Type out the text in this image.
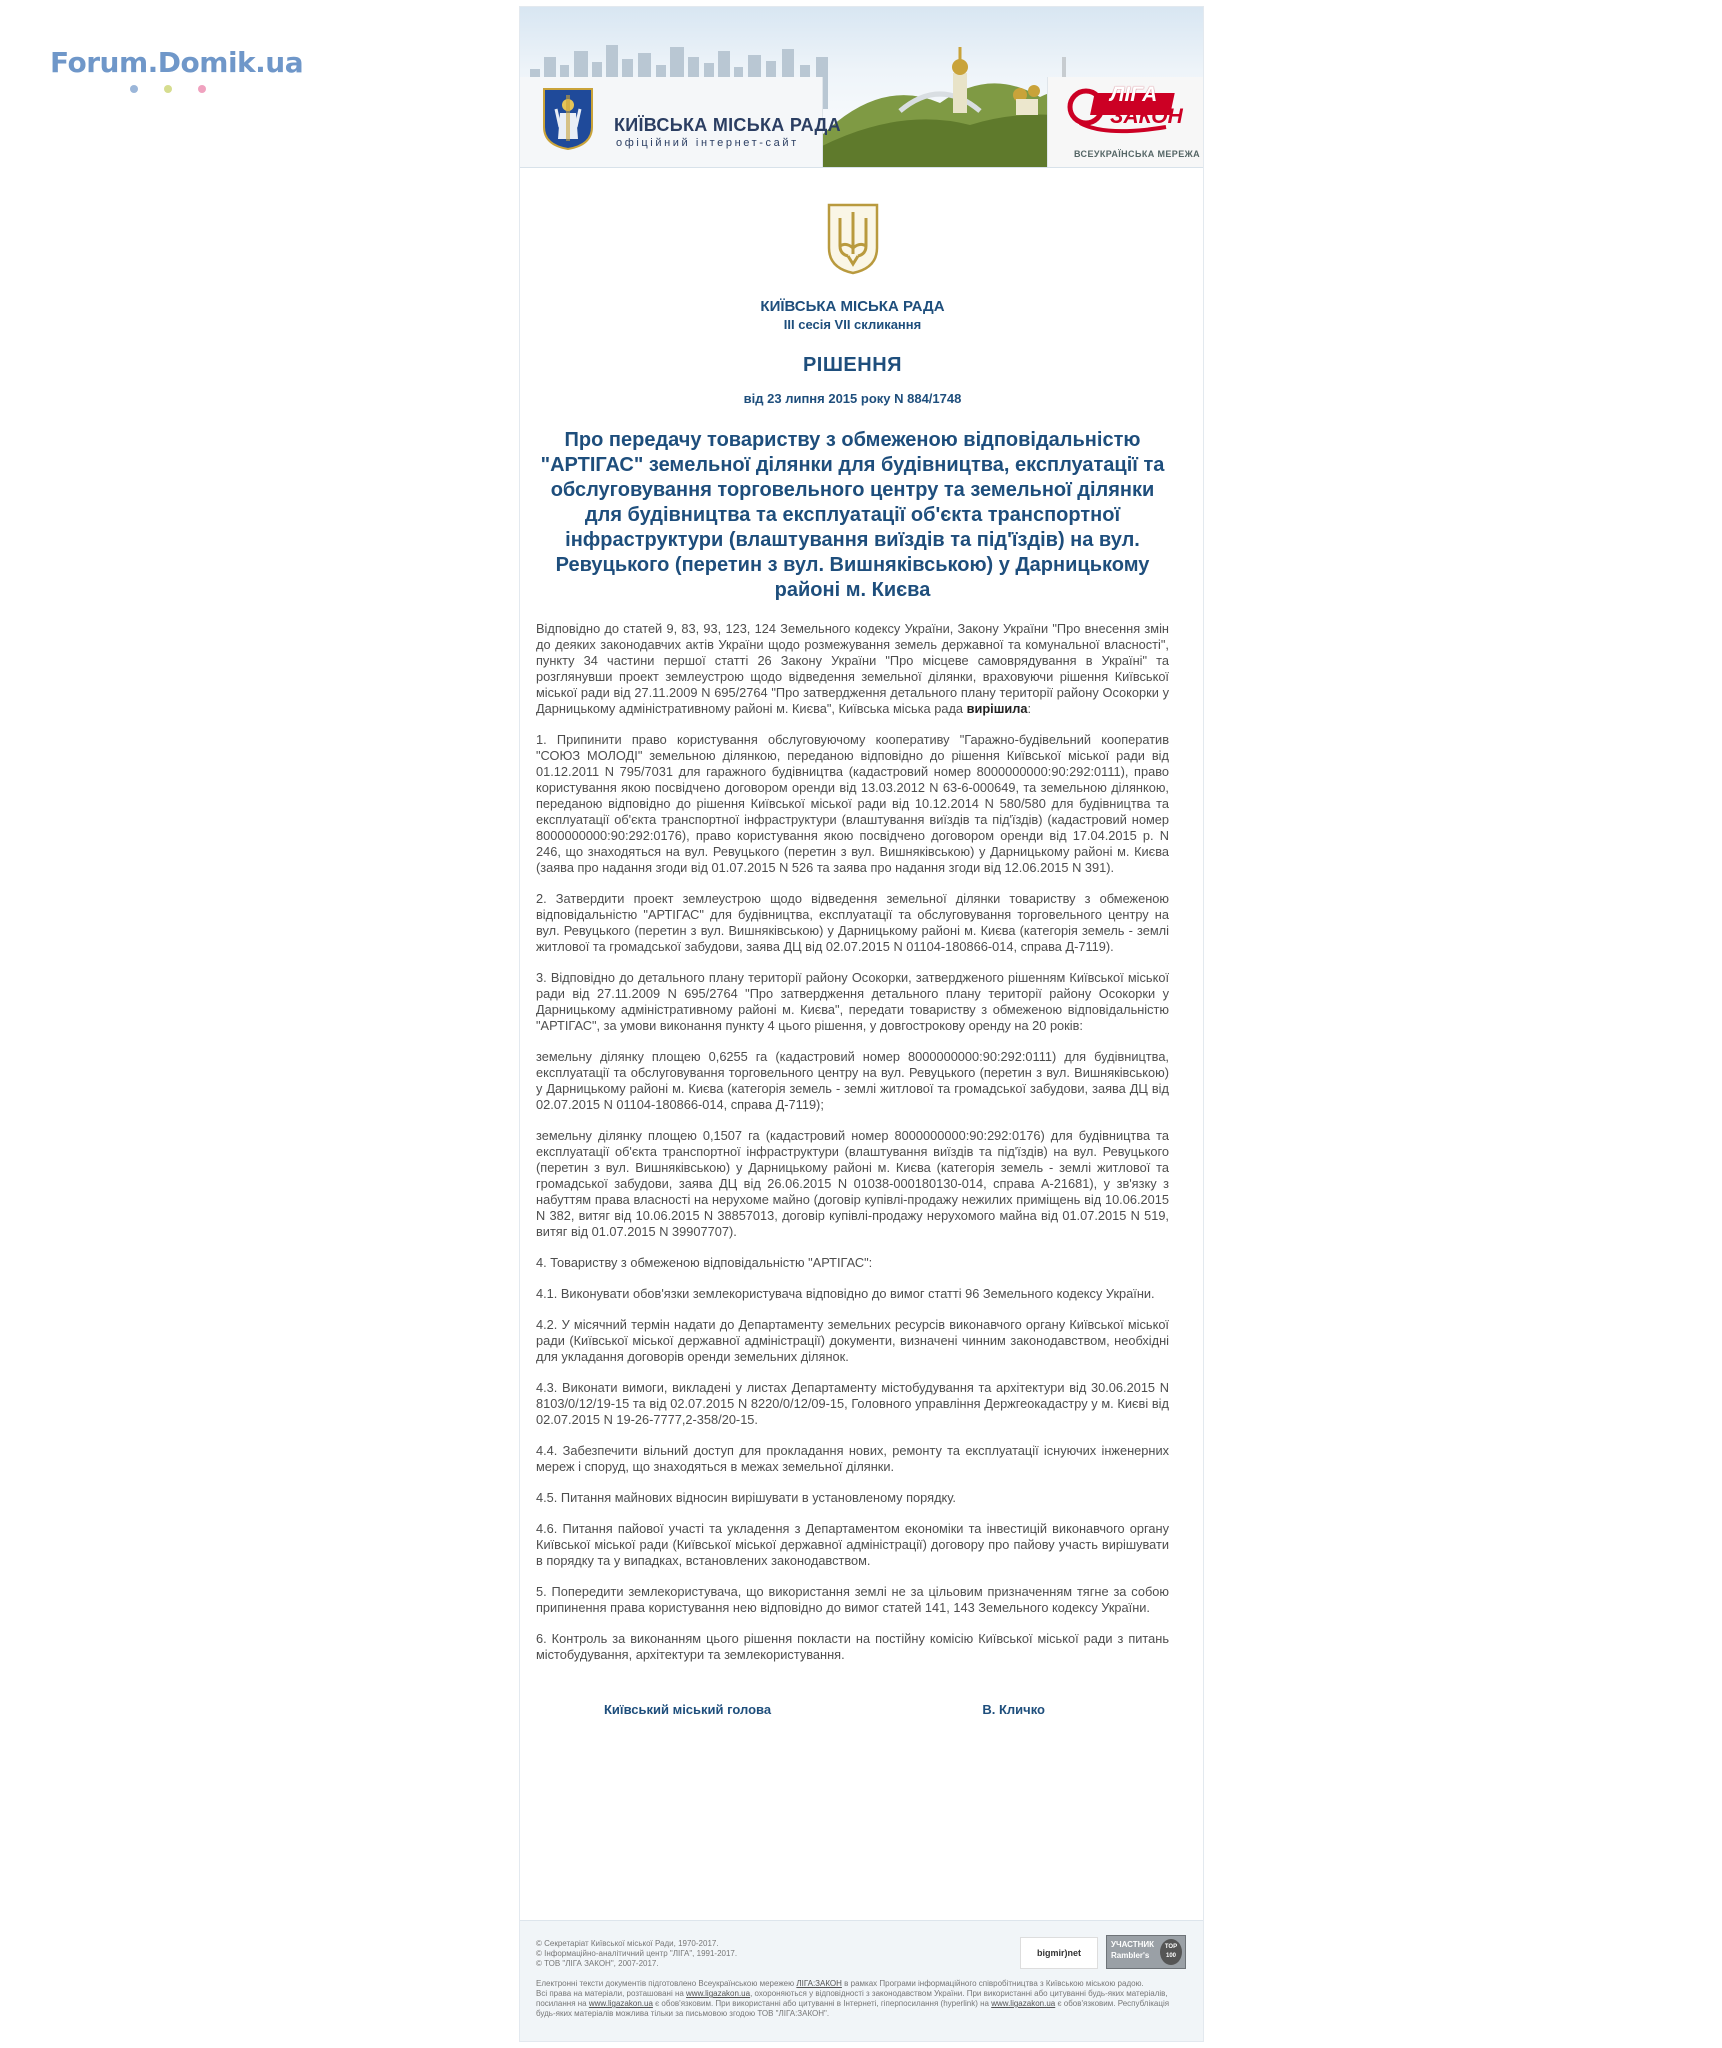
Forum.Domik.ua
КИЇВСЬКА МІСЬКА РАДА
офіційний інтернет-сайт
ЛІГА
ЗАКОН
ВСЕУКРАЇНСЬКА МЕРЕЖА
КИЇВСЬКА МІСЬКА РАДА
ІІІ сесія VII скликання
РІШЕННЯ
від 23 липня 2015 року N 884/1748
Про передачу товариству з обмеженою відповідальністю "АРТІГАС" земельної ділянки для будівництва, експлуатації та обслуговування торговельного центру та земельної ділянки для будівництва та експлуатації об'єкта транспортної інфраструктури (влаштування виїздів та під'їздів) на вул. Ревуцького (перетин з вул. Вишняківською) у Дарницькому районі м. Києва

Відповідно до статей 9, 83, 93, 123, 124 Земельного кодексу України, Закону України "Про внесення змін до деяких законодавчих актів України щодо розмежування земель державної та комунальної власності", пункту 34 частини першої статті 26 Закону України "Про місцеве самоврядування в Україні" та розглянувши проект землеустрою щодо відведення земельної ділянки, враховуючи рішення Київської міської ради від 27.11.2009 N 695/2764 "Про затвердження детального плану території району Осокорки у Дарницькому адміністративному районі м. Києва", Київська міська рада вирішила:

1. Припинити право користування обслуговуючому кооперативу "Гаражно-будівельний кооператив "СОЮЗ МОЛОДІ" земельною ділянкою, переданою відповідно до рішення Київської міської ради від 01.12.2011 N 795/7031 для гаражного будівництва (кадастровий номер 8000000000:90:292:0111), право користування якою посвідчено договором оренди від 13.03.2012 N 63-6-000649, та земельною ділянкою, переданою відповідно до рішення Київської міської ради від 10.12.2014 N 580/580 для будівництва та експлуатації об'єкта транспортної інфраструктури (влаштування виїздів та під'їздів) (кадастровий номер 8000000000:90:292:0176), право користування якою посвідчено договором оренди від 17.04.2015 р. N 246, що знаходяться на вул. Ревуцького (перетин з вул. Вишняківською) у Дарницькому районі м. Києва (заява про надання згоди від 01.07.2015 N 526 та заява про надання згоди від 12.06.2015 N 391).

2. Затвердити проект землеустрою щодо відведення земельної ділянки товариству з обмеженою відповідальністю "АРТІГАС" для будівництва, експлуатації та обслуговування торговельного центру на вул. Ревуцького (перетин з вул. Вишняківською) у Дарницькому районі м. Києва (категорія земель - землі житлової та громадської забудови, заява ДЦ від 02.07.2015 N 01104-180866-014, справа Д-7119).

3. Відповідно до детального плану території району Осокорки, затвердженого рішенням Київської міської ради від 27.11.2009 N 695/2764 "Про затвердження детального плану території району Осокорки у Дарницькому адміністративному районі м. Києва", передати товариству з обмеженою відповідальністю "АРТІГАС", за умови виконання пункту 4 цього рішення, у довгострокову оренду на 20 років:

земельну ділянку площею 0,6255 га (кадастровий номер 8000000000:90:292:0111) для будівництва, експлуатації та обслуговування торговельного центру на вул. Ревуцького (перетин з вул. Вишняківською) у Дарницькому районі м. Києва (категорія земель - землі житлової та громадської забудови, заява ДЦ від 02.07.2015 N 01104-180866-014, справа Д-7119);

земельну ділянку площею 0,1507 га (кадастровий номер 8000000000:90:292:0176) для будівництва та експлуатації об'єкта транспортної інфраструктури (влаштування виїздів та під'їздів) на вул. Ревуцького (перетин з вул. Вишняківською) у Дарницькому районі м. Києва (категорія земель - землі житлової та громадської забудови, заява ДЦ від 26.06.2015 N 01038-000180130-014, справа А-21681), у зв'язку з набуттям права власності на нерухоме майно (договір купівлі-продажу нежилих приміщень від 10.06.2015 N 382, витяг від 10.06.2015 N 38857013, договір купівлі-продажу нерухомого майна від 01.07.2015 N 519, витяг від 01.07.2015 N 39907707).

4. Товариству з обмеженою відповідальністю "АРТІГАС":

4.1. Виконувати обов'язки землекористувача відповідно до вимог статті 96 Земельного кодексу України.

4.2. У місячний термін надати до Департаменту земельних ресурсів виконавчого органу Київської міської ради (Київської міської державної адміністрації) документи, визначені чинним законодавством, необхідні для укладання договорів оренди земельних ділянок.

4.3. Виконати вимоги, викладені у листах Департаменту містобудування та архітектури від 30.06.2015 N 8103/0/12/19-15 та від 02.07.2015 N 8220/0/12/09-15, Головного управління Держгеокадастру у м. Києві від 02.07.2015 N 19-26-7777,2-358/20-15.

4.4. Забезпечити вільний доступ для прокладання нових, ремонту та експлуатації існуючих інженерних мереж і споруд, що знаходяться в межах земельної ділянки.

4.5. Питання майнових відносин вирішувати в установленому порядку.

4.6. Питання пайової участі та укладення з Департаментом економіки та інвестицій виконавчого органу Київської міської ради (Київської міської державної адміністрації) договору про пайову участь вирішувати в порядку та у випадках, встановлених законодавством.

5. Попередити землекористувача, що використання землі не за цільовим призначенням тягне за собою припинення права користування нею відповідно до вимог статей 141, 143 Земельного кодексу України.

6. Контроль за виконанням цього рішення покласти на постійну комісію Київської міської ради з питань містобудування, архітектури та землекористування.

Київський міський голова	В. Кличко
© Секретаріат Київської міської Ради, 1970-2017.
© Інформаційно-аналітичний центр "ЛІГА", 1991-2017.
© ТОВ "ЛІГА ЗАКОН", 2007-2017.
Електронні тексти документів підготовлено Всеукраїнською мережею ЛІГА:ЗАКОН в рамках Програми інформаційного співробітництва з Київською міською радою.
Всі права на матеріали, розташовані на www.ligazakon.ua, охороняються у відповідності з законодавством України. При використанні або цитуванні будь-яких матеріалів, посилання на www.ligazakon.ua є обов'язковим. При використанні або цитуванні в Інтернеті, гіперпосилання (hyperlink) на www.ligazakon.ua є обов'язковим. Республікація будь-яких матеріалів можлива тільки за письмовою згодою ТОВ "ЛІГА:ЗАКОН".
bigmir)net
УЧАСТНИК
Rambler's
TOP 100
